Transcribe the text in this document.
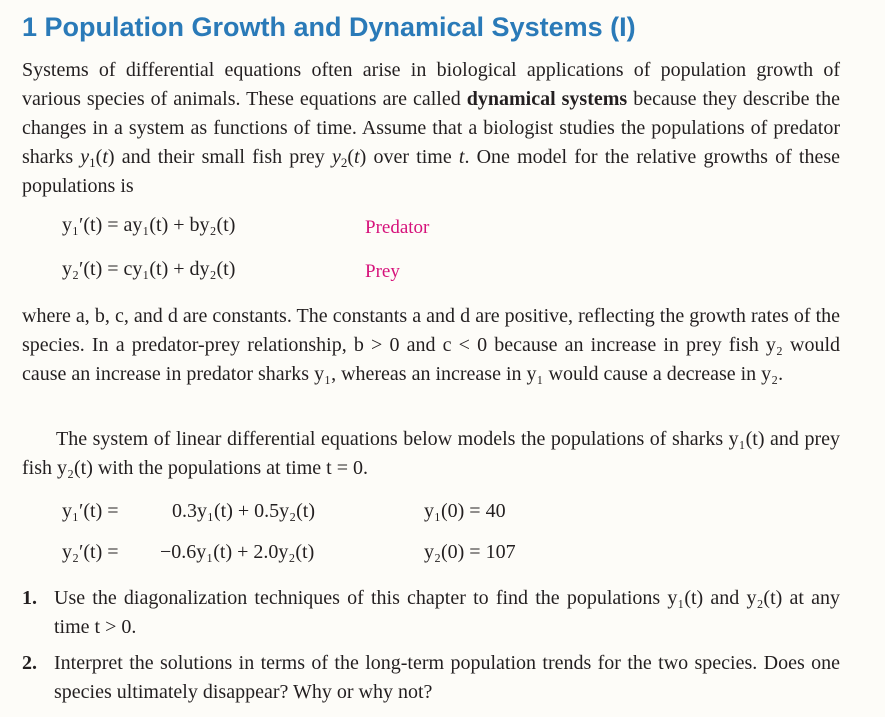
1 Population Growth and Dynamical Systems (I)
Systems of differential equations often arise in biological applications of population growth of various species of animals. These equations are called dynamical systems because they describe the changes in a system as functions of time. Assume that a biologist studies the populations of predator sharks $y_1(t)$ and their small fish prey $y_2(t)$ over time t. One model for the relative growths of these populations is
y₁′(t) = ay₁(t) + by₂(t)	Predator
y₂′(t) = cy₁(t) + dy₂(t)	Prey
where a, b, c, and d are constants. The constants a and d are positive, reflecting the growth rates of the species. In a predator-prey relationship, b > 0 and c < 0 because an increase in prey fish y₂ would cause an increase in predator sharks y₁, whereas an increase in y₁ would cause a decrease in y₂.
The system of linear differential equations below models the populations of sharks y₁(t) and prey fish y₂(t) with the populations at time t = 0.
y₁′(t) =	0.3y₁(t) + 0.5y₂(t)	y₁(0) = 40
y₂′(t) = −0.6y₁(t) + 2.0y₂(t)	y₂(0) = 107
1. Use the diagonalization techniques of this chapter to find the populations y₁(t) and y₂(t) at any time t > 0.
2. Interpret the solutions in terms of the long-term population trends for the two species. Does one species ultimately disappear? Why or why not?
